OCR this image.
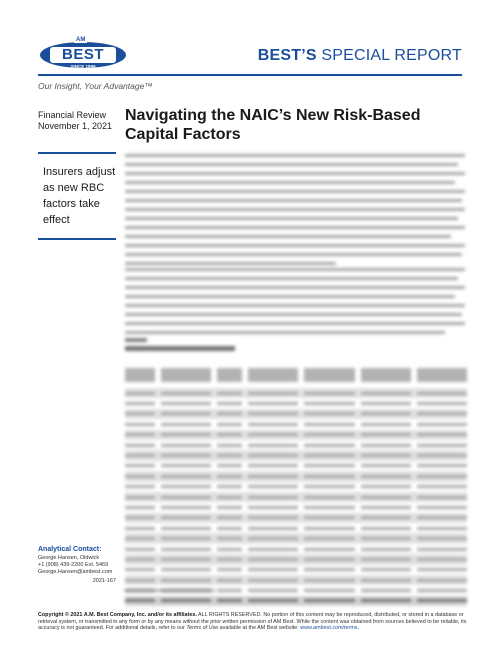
AM
BEST
SINCE 1899
BEST’S SPECIAL REPORT
Our Insight, Your Advantage™
Financial Review
November 1, 2021
Insurers adjust as new RBC factors take effect
Analytical Contact:
George Hansen, Oldwick
+1 (908) 439-2200 Ext. 5469
George.Hansen@ambest.com
2021-167
Navigating the NAIC’s New Risk-Based Capital Factors
Copyright © 2021 A.M. Best Company, Inc. and/or its affiliates. ALL RIGHTS RESERVED. No portion of this content may be reproduced, distributed, or stored in a database or retrieval system, or transmitted in any form or by any means without the prior written permission of AM Best. While the content was obtained from sources believed to be reliable, its accuracy is not guaranteed. For additional details, refer to our Terms of Use available at the AM Best website: www.ambest.com/terms.
